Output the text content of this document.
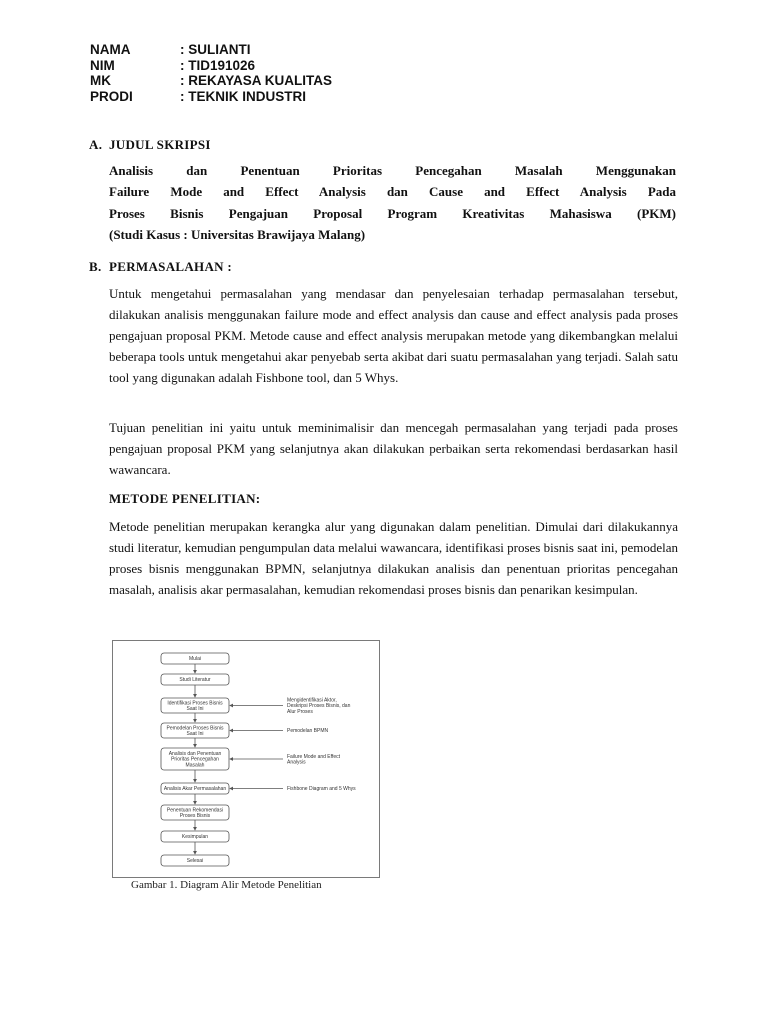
NAMA	: SULIANTI
NIM	: TID191026
MK	: REKAYASA KUALITAS
PRODI	: TEKNIK INDUSTRI
A. JUDUL SKRIPSI
Analisis dan Penentuan Prioritas Pencegahan Masalah Menggunakan
Failure Mode and Effect Analysis dan Cause and Effect Analysis Pada
Proses Bisnis Pengajuan Proposal Program Kreativitas Mahasiswa (PKM)
(Studi Kasus : Universitas Brawijaya Malang)
B. PERMASALAHAN :

Untuk mengetahui permasalahan yang mendasar dan penyelesaian terhadap permasalahan tersebut, dilakukan analisis menggunakan failure mode and effect analysis dan cause and effect analysis pada proses pengajuan proposal PKM. Metode cause and effect analysis merupakan metode yang dikembangkan melalui beberapa tools untuk mengetahui akar penyebab serta akibat dari suatu permasalahan yang terjadi. Salah satu tool yang digunakan adalah Fishbone tool, dan 5 Whys.

Tujuan penelitian ini yaitu untuk meminimalisir dan mencegah permasalahan yang terjadi pada proses pengajuan proposal PKM yang selanjutnya akan dilakukan perbaikan serta rekomendasi berdasarkan hasil wawancara.

METODE PENELITIAN:

Metode penelitian merupakan kerangka alur yang digunakan dalam penelitian. Dimulai dari dilakukannya studi literatur, kemudian pengumpulan data melalui wawancara, identifikasi proses bisnis saat ini, pemodelan proses bisnis menggunakan BPMN, selanjutnya dilakukan analisis dan penentuan prioritas pencegahan masalah, analisis akar permasalahan, kemudian rekomendasi proses bisnis dan penarikan kesimpulan.

Mulai
Studi Literatur
Identifikasi Proses Bisnis
Saat Ini
Pemodelan Proses Bisnis
Saat Ini
Analisis dan Penentuan
Prioritas Pencegahan
Masalah
Analisis Akar Permasalahan
Penentuan Rekomendasi
Proses Bisnis
Kesimpulan
Selesai
Mengidentifikasi Aktor,
Deskripsi Proses Bisnis, dan
Alur Proses
Pemodelan BPMN
Failure Mode and Effect
Analysis
Fishbone Diagram and 5 Whys
Gambar 1. Diagram Alir Metode Penelitian
